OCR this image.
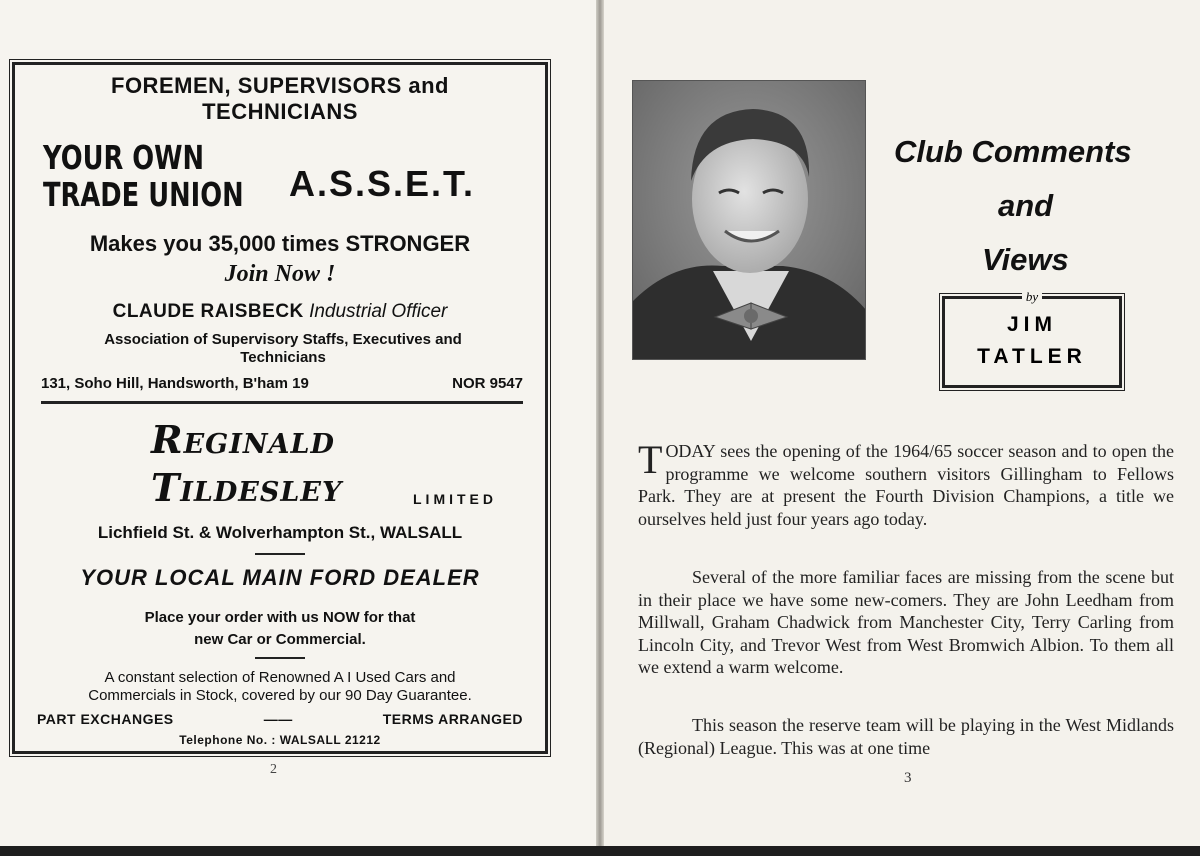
FOREMEN, SUPERVISORS and
TECHNICIANS
YOUR OWN
TRADE UNION A.S.S.E.T.
Makes you 35,000 times STRONGER
Join Now !
CLAUDE RAISBECK Industrial Officer
Association of Supervisory Staffs, Executives and
Technicians
131, Soho Hill, Handsworth, B'ham 19	NOR 9547
Reginald
Tildesley	LIMITED
Lichfield St. & Wolverhampton St., WALSALL
YOUR LOCAL MAIN FORD DEALER
Place your order with us NOW for that
new Car or Commercial.
A constant selection of Renowned A I Used Cars and
Commercials in Stock, covered by our 90 Day Guarantee.
PART EXCHANGES	——	TERMS ARRANGED
Telephone No. : WALSALL 21212
2
Club Comments
and
Views
by
JIM
TATLER
TODAY sees the opening of the 1964/65 soccer season and to open the programme we welcome southern visitors Gillingham to Fellows Park. They are at present the Fourth Division Champions, a title we ourselves held just four years ago today.
Several of the more familiar faces are missing from the scene but in their place we have some new-comers. They are John Leedham from Millwall, Graham Chadwick from Manchester City, Terry Carling from Lincoln City, and Trevor West from West Bromwich Albion. To them all we extend a warm welcome.
This season the reserve team will be playing in the West Midlands (Regional) League. This was at one time
3
